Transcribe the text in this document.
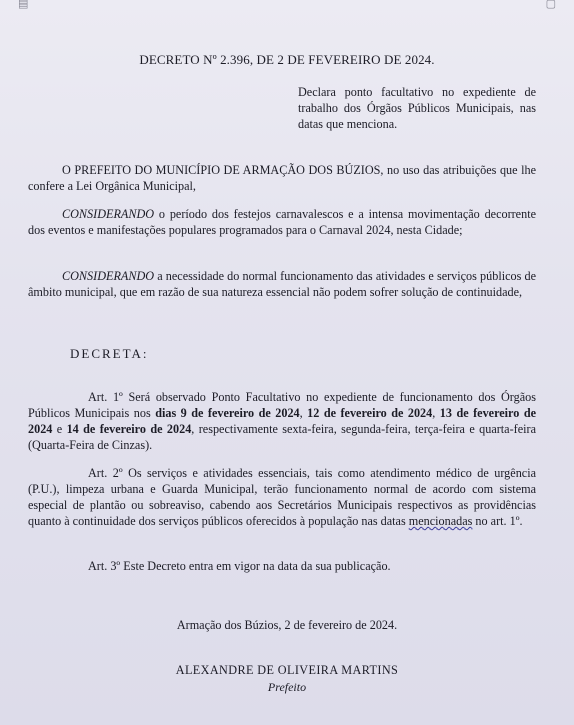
▤	▢
DECRETO Nº 2.396, DE 2 DE FEVEREIRO DE 2024.
Declara ponto facultativo no expediente de trabalho dos Órgãos Públicos Municipais, nas datas que menciona.
O PREFEITO DO MUNICÍPIO DE ARMAÇÃO DOS BÚZIOS, no uso das atribuições que lhe confere a Lei Orgânica Municipal,
CONSIDERANDO o período dos festejos carnavalescos e a intensa movimentação decorrente dos eventos e manifestações populares programados para o Carnaval 2024, nesta Cidade;
CONSIDERANDO a necessidade do normal funcionamento das atividades e serviços públicos de âmbito municipal, que em razão de sua natureza essencial não podem sofrer solução de continuidade,
DECRETA:
Art. 1º Será observado Ponto Facultativo no expediente de funcionamento dos Órgãos Públicos Municipais nos dias 9 de fevereiro de 2024, 12 de fevereiro de 2024, 13 de fevereiro de 2024 e 14 de fevereiro de 2024, respectivamente sexta-feira, segunda-feira, terça-feira e quarta-feira (Quarta-Feira de Cinzas).
Art. 2º Os serviços e atividades essenciais, tais como atendimento médico de urgência (P.U.), limpeza urbana e Guarda Municipal, terão funcionamento normal de acordo com sistema especial de plantão ou sobreaviso, cabendo aos Secretários Municipais respectivos as providências quanto à continuidade dos serviços públicos oferecidos à população nas datas mencionadas no art. 1º.
Art. 3º Este Decreto entra em vigor na data da sua publicação.
Armação dos Búzios, 2 de fevereiro de 2024.
ALEXANDRE DE OLIVEIRA MARTINS
Prefeito
